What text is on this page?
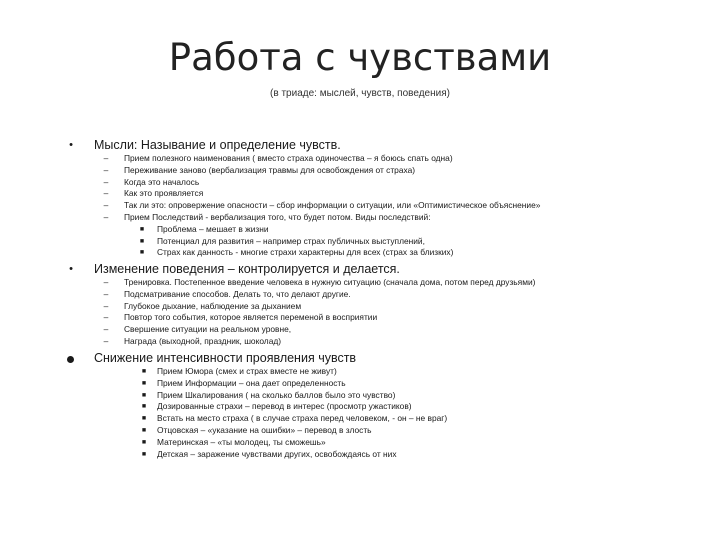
Работа с чувствами
(в триаде: мыслей, чувств, поведения)
• Мысли: Называние и определение чувств.
–	Прием полезного наименования ( вместо страха одиночества – я боюсь спать одна)
–	Переживание заново (вербализация травмы для освобождения от страха)
–	Когда это началось
–	Как это проявляется
–	Так ли это: опровержение опасности – сбор информации о ситуации, или «Оптимистическое объяснение»
–	Прием Последствий - вербализация того, что будет потом. Виды последствий:
■ Проблема – мешает в жизни
■ Потенциал для развития – например страх публичных выступлений,
■ Страх как данность - многие страхи характерны для всех (страх за близких)
• Изменение поведения – контролируется и делается.
–	Тренировка. Постепенное введение человека в нужную ситуацию (сначала дома, потом перед друзьями)
–	Подсматривание способов. Делать то, что делают другие.
–	Глубокое дыхание, наблюдение за дыханием
–	Повтор того события, которое является переменой в восприятии
–	Свершение ситуации на реальном уровне,
–	Награда (выходной, праздник, шоколад)
Снижение интенсивности проявления чувств
■ Прием Юмора (смех и страх вместе не живут)
■ Прием Информации – она дает определенность
■ Прием Шкалирования ( на сколько баллов было это чувство)
■ Дозированные страхи – перевод в интерес (просмотр ужастиков)
■ Встать на место страха ( в случае страха перед человеком, - он – не враг)
■ Отцовская – «указание на ошибки» – перевод в злость
■ Материнская – «ты молодец, ты сможешь»
■ Детская – заражение чувствами других, освобождаясь от них
